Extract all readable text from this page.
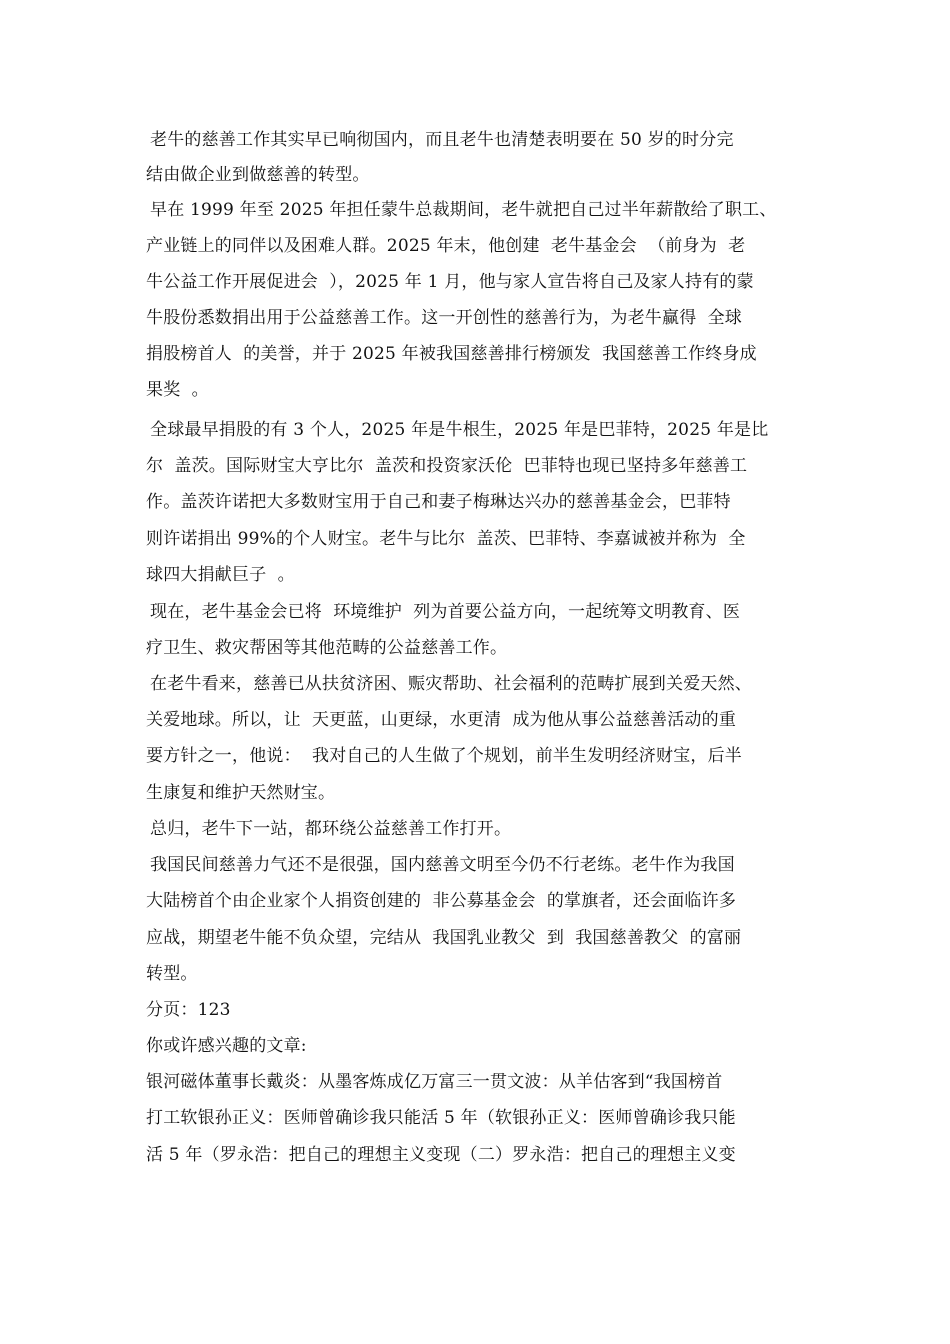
老牛的慈善工作其实早已响彻国内，而且老牛也清楚表明要在 50 岁的时分完
结由做企业到做慈善的转型。
早在 1999 年至 2025 年担任蒙牛总裁期间，老牛就把自己过半年薪散给了职工、
产业链上的同伴以及困难人群。2025 年末，他创建  老牛基金会  （前身为  老
牛公益工作开展促进会  ），2025 年 1 月，他与家人宣告将自己及家人持有的蒙
牛股份悉数捐出用于公益慈善工作。这一开创性的慈善行为，为老牛赢得  全球
捐股榜首人  的美誉，并于 2025 年被我国慈善排行榜颁发  我国慈善工作终身成
果奖  。
全球最早捐股的有 3 个人，2025 年是牛根生，2025 年是巴菲特，2025 年是比
尔  盖茨。国际财宝大亨比尔  盖茨和投资家沃伦  巴菲特也现已坚持多年慈善工
作。盖茨许诺把大多数财宝用于自己和妻子梅琳达兴办的慈善基金会，巴菲特
则许诺捐出 99%的个人财宝。老牛与比尔  盖茨、巴菲特、李嘉诚被并称为  全
球四大捐献巨子  。
现在，老牛基金会已将  环境维护  列为首要公益方向，一起统筹文明教育、医
疗卫生、救灾帮困等其他范畴的公益慈善工作。
在老牛看来，慈善已从扶贫济困、赈灾帮助、社会福利的范畴扩展到关爱天然、
关爱地球。所以，让  天更蓝，山更绿，水更清  成为他从事公益慈善活动的重
要方针之一，他说：  我对自己的人生做了个规划，前半生发明经济财宝，后半
生康复和维护天然财宝。
总归，老牛下一站，都环绕公益慈善工作打开。
我国民间慈善力气还不是很强，国内慈善文明至今仍不行老练。老牛作为我国
大陆榜首个由企业家个人捐资创建的  非公募基金会  的掌旗者，还会面临许多
应战，期望老牛能不负众望，完结从  我国乳业教父  到  我国慈善教父  的富丽
转型。
分页：123
你或许感兴趣的文章:
银河磁体董事长戴炎：从墨客炼成亿万富三一贯文波：从羊估客到“我国榜首
打工软银孙正义：医师曾确诊我只能活 5 年（软银孙正义：医师曾确诊我只能
活 5 年（罗永浩：把自己的理想主义变现（二）罗永浩：把自己的理想主义变
